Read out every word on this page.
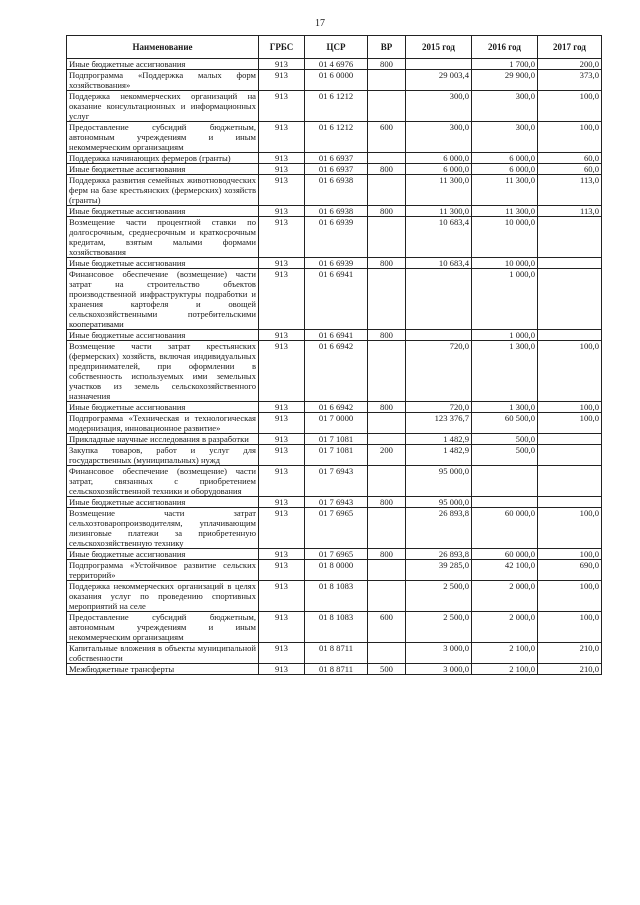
17
Наименование	ГРБС	ЦСР	ВР	2015 год	2016 год	2017 год
Иные бюджетные ассигнования	913	01 4 6976	800		1 700,0	200,0
Подпрограмма «Поддержка малых форм хозяйствования»	913	01 6 0000		29 003,4	29 900,0	373,0
Поддержка некоммерческих организаций на оказание консультационных и информационных услуг	913	01 6 1212		300,0	300,0	100,0
Предоставление субсидий бюджетным, автономным учреждениям и иным некоммерческим организациям	913	01 6 1212	600	300,0	300,0	100,0
Поддержка начинающих фермеров (гранты)	913	01 6 6937		6 000,0	6 000,0	60,0
Иные бюджетные ассигнования	913	01 6 6937	800	6 000,0	6 000,0	60,0
Поддержка развития семейных животноводческих ферм на базе крестьянских (фермерских) хозяйств (гранты)	913	01 6 6938		11 300,0	11 300,0	113,0
Иные бюджетные ассигнования	913	01 6 6938	800	11 300,0	11 300,0	113,0
Возмещение части процентной ставки по долгосрочным, среднесрочным и краткосрочным кредитам, взятым малыми формами хозяйствования	913	01 6 6939		10 683,4	10 000,0	
Иные бюджетные ассигнования	913	01 6 6939	800	10 683,4	10 000,0	
Финансовое обеспечение (возмещение) части затрат на строительство объектов производственной инфраструктуры подработки и хранения картофеля и овощей сельскохозяйственными потребительскими кооперативами	913	01 6 6941			1 000,0	
Иные бюджетные ассигнования	913	01 6 6941	800		1 000,0	
Возмещение части затрат крестьянских (фермерских) хозяйств, включая индивидуальных предпринимателей, при оформлении в собственность используемых ими земельных участков из земель сельскохозяйственного назначения	913	01 6 6942		720,0	1 300,0	100,0
Иные бюджетные ассигнования	913	01 6 6942	800	720,0	1 300,0	100,0
Подпрограмма «Техническая и технологическая модернизация, инновационное развитие»	913	01 7 0000		123 376,7	60 500,0	100,0
Прикладные научные исследования в разработки	913	01 7 1081		1 482,9	500,0	
Закупка товаров, работ и услуг для государственных (муниципальных) нужд	913	01 7 1081	200	1 482,9	500,0	
Финансовое обеспечение (возмещение) части затрат, связанных с приобретением сельскохозяйственной техники и оборудования	913	01 7 6943		95 000,0		
Иные бюджетные ассигнования	913	01 7 6943	800	95 000,0		
Возмещение части затрат сельхозтоваропроизводителям, уплачивающим лизинговые платежи за приобретенную сельскохозяйственную технику	913	01 7 6965		26 893,8	60 000,0	100,0
Иные бюджетные ассигнования	913	01 7 6965	800	26 893,8	60 000,0	100,0
Подпрограмма «Устойчивое развитие сельских территорий»	913	01 8 0000		39 285,0	42 100,0	690,0
Поддержка некоммерческих организаций в целях оказания услуг по проведению спортивных мероприятий на селе	913	01 8 1083		2 500,0	2 000,0	100,0
Предоставление субсидий бюджетным, автономным учреждениям и иным некоммерческим организациям	913	01 8 1083	600	2 500,0	2 000,0	100,0
Капитальные вложения в объекты муниципальной собственности	913	01 8 8711		3 000,0	2 100,0	210,0
Межбюджетные трансферты	913	01 8 8711	500	3 000,0	2 100,0	210,0
